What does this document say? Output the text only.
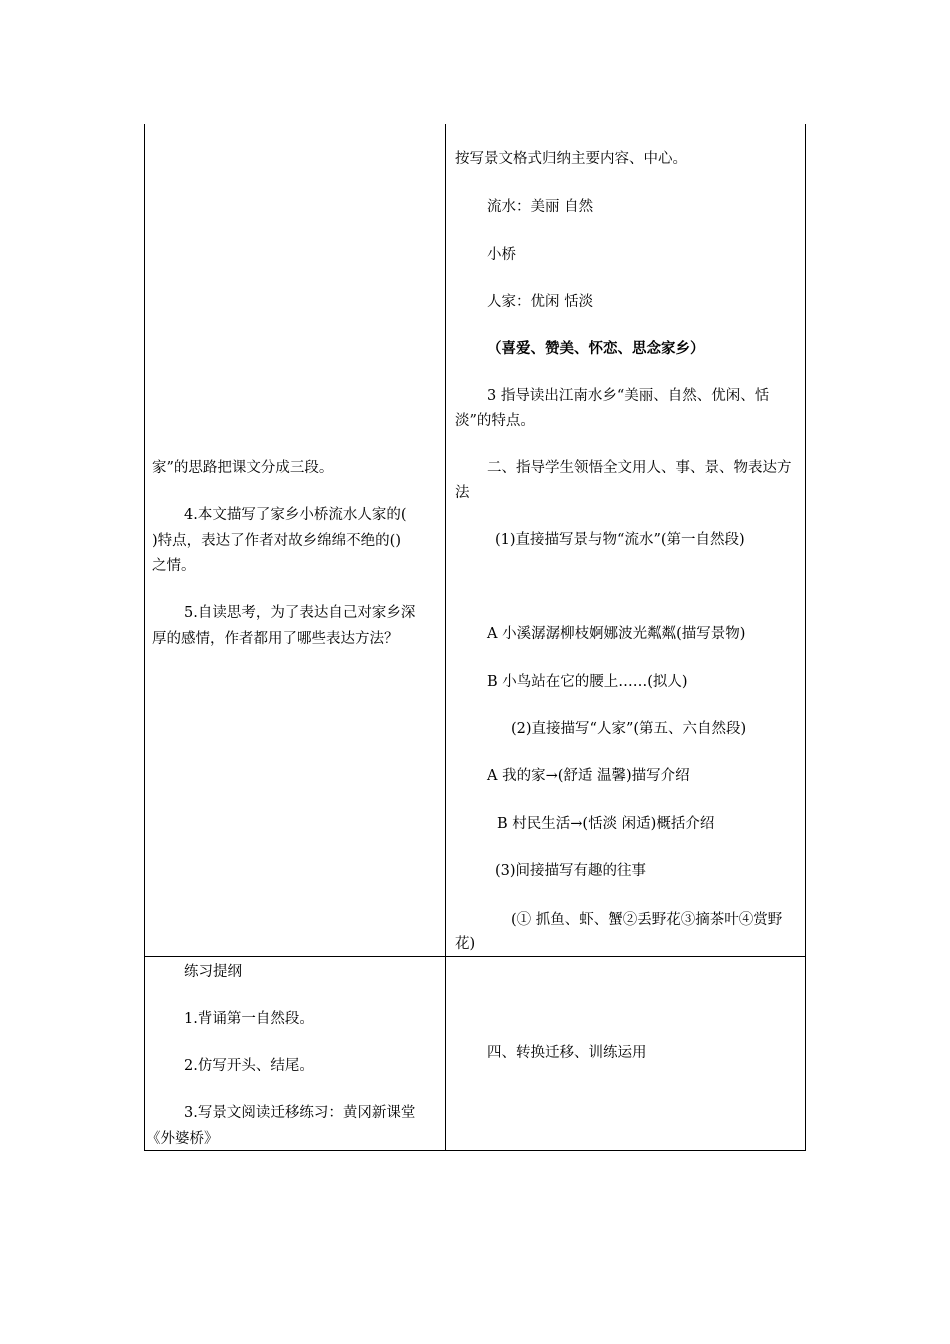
家”的思路把课文分成三段。

4.本文描写了家乡小桥流水人家的(

)特点，表达了作者对故乡绵绵不绝的()

之情。

5.自读思考，为了表达自己对家乡深

厚的感情，作者都用了哪些表达方法？

练习提纲

1.背诵第一自然段。

2.仿写开头、结尾。

3.写景文阅读迁移练习：黄冈新课堂

《外婆桥》

按写景文格式归纳主要内容、中心。

流水：美丽 自然

小桥

人家：优闲 恬淡

（喜爱、赞美、怀恋、思念家乡）

3 指导读出江南水乡“美丽、自然、优闲、恬

淡”的特点。

二、指导学生领悟全文用人、事、景、物表达方

法

(1)直接描写景与物“流水”(第一自然段)

A 小溪潺潺柳枝婀娜波光粼粼(描写景物)

B 小鸟站在它的腰上……(拟人)

(2)直接描写“人家”(第五、六自然段)

A 我的家→(舒适 温馨)描写介绍

B 村民生活→(恬淡 闲适)概括介绍

(3)间接描写有趣的往事

(① 抓鱼、虾、蟹②丢野花③摘茶叶④赏野

花)

四、转换迁移、训练运用
